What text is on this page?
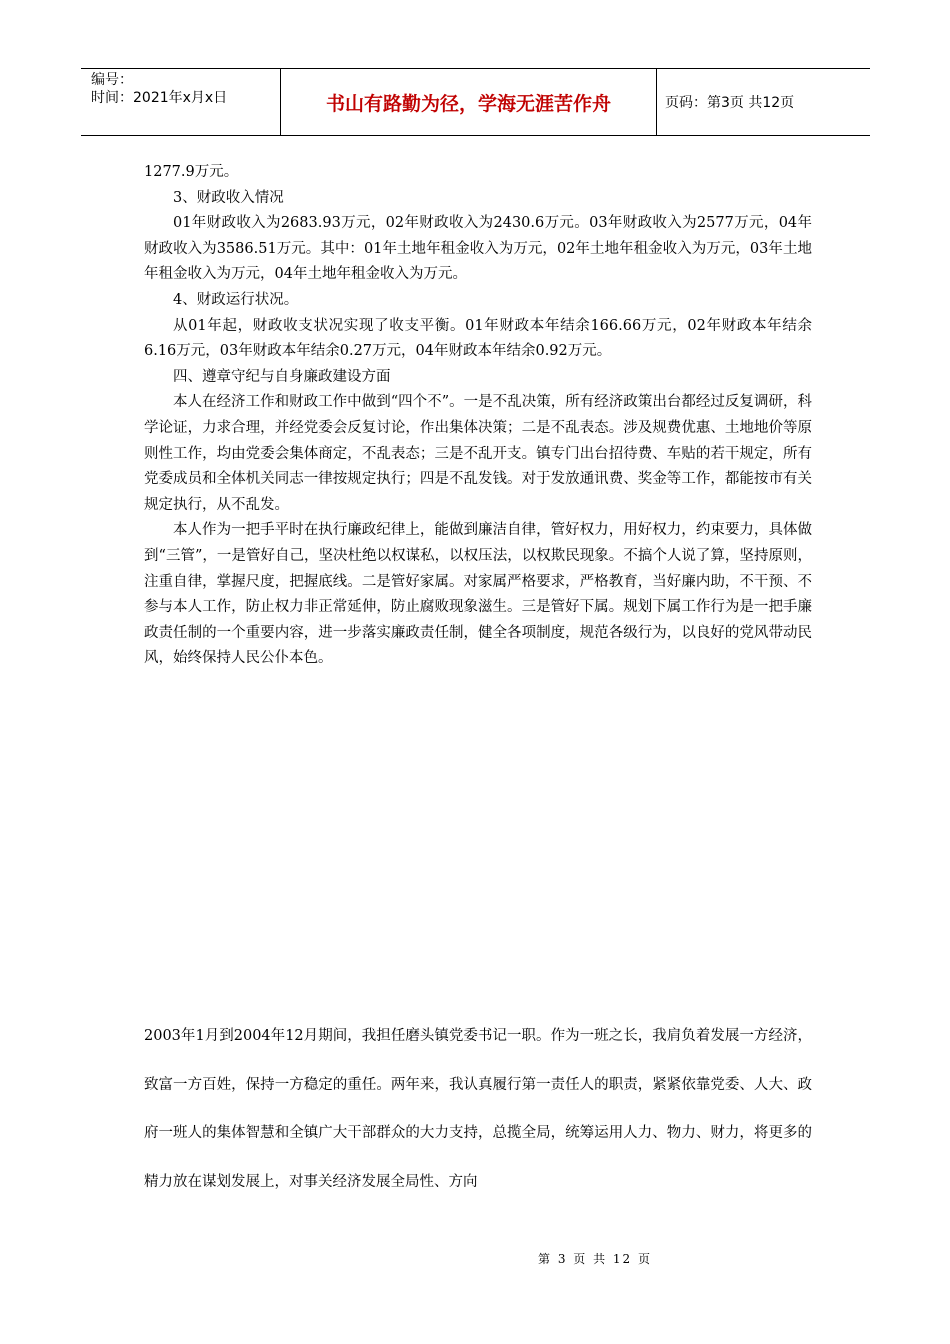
编号：
时间：2021年x月x日	书山有路勤为径，学海无涯苦作舟	页码：第3页 共12页

1277.9万元。

3、财政收入情况

01年财政收入为2683.93万元，02年财政收入为2430.6万元。03年财政收入为2577万元，04年财政收入为3586.51万元。其中：01年土地年租金收入为万元，02年土地年租金收入为万元，03年土地年租金收入为万元，04年土地年租金收入为万元。

4、财政运行状况。

从01年起，财政收支状况实现了收支平衡。01年财政本年结余166.66万元，02年财政本年结余6.16万元，03年财政本年结余0.27万元，04年财政本年结余0.92万元。

四、遵章守纪与自身廉政建设方面

本人在经济工作和财政工作中做到“四个不”。一是不乱决策，所有经济政策出台都经过反复调研，科学论证，力求合理，并经党委会反复讨论，作出集体决策；二是不乱表态。涉及规费优惠、土地地价等原则性工作，均由党委会集体商定，不乱表态；三是不乱开支。镇专门出台招待费、车贴的若干规定，所有党委成员和全体机关同志一律按规定执行；四是不乱发钱。对于发放通讯费、奖金等工作，都能按市有关规定执行，从不乱发。

本人作为一把手平时在执行廉政纪律上，能做到廉洁自律，管好权力，用好权力，约束要力，具体做到“三管”，一是管好自己，坚决杜绝以权谋私，以权压法，以权欺民现象。不搞个人说了算，坚持原则，注重自律，掌握尺度，把握底线。二是管好家属。对家属严格要求，严格教育，当好廉内助，不干预、不参与本人工作，防止权力非正常延伸，防止腐败现象滋生。三是管好下属。规划下属工作行为是一把手廉政责任制的一个重要内容，进一步落实廉政责任制，健全各项制度，规范各级行为，以良好的党风带动民风，始终保持人民公仆本色。

2003年1月到2004年12月期间，我担任磨头镇党委书记一职。作为一班之长，我肩负着发展一方经济，致富一方百姓，保持一方稳定的重任。两年来，我认真履行第一责任人的职责，紧紧依靠党委、人大、政府一班人的集体智慧和全镇广大干部群众的大力支持，总揽全局，统筹运用人力、物力、财力，将更多的精力放在谋划发展上，对事关经济发展全局性、方向

第 3 页 共 12 页
